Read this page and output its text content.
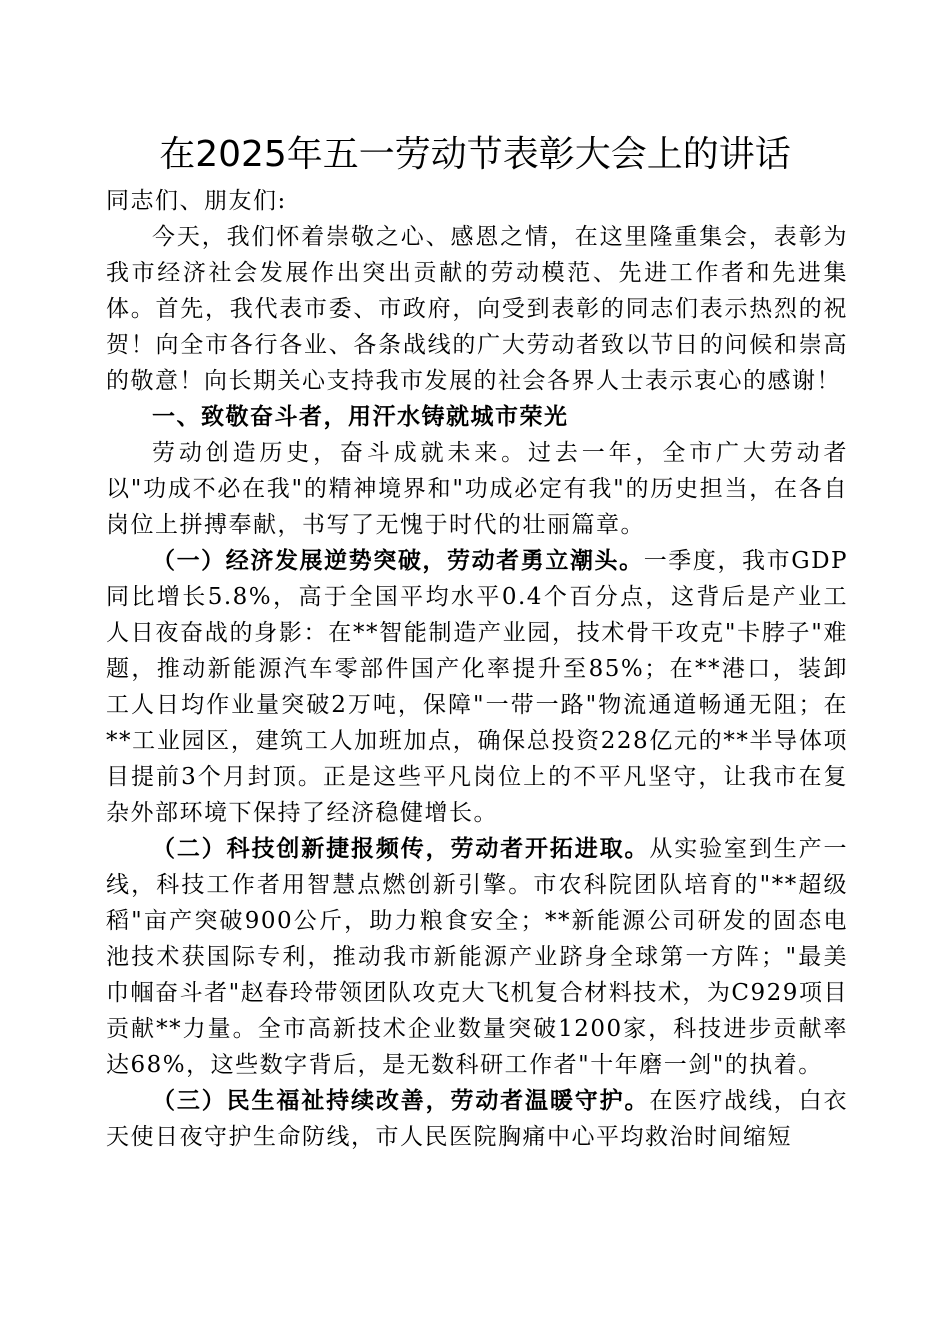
在2025年五一劳动节表彰大会上的讲话

同志们、朋友们:

今天，我们怀着崇敬之心、感恩之情，在这里隆重集会，表彰为我市经济社会发展作出突出贡献的劳动模范、先进工作者和先进集体。首先，我代表市委、市政府，向受到表彰的同志们表示热烈的祝贺！向全市各行各业、各条战线的广大劳动者致以节日的问候和崇高的敬意！向长期关心支持我市发展的社会各界人士表示衷心的感谢！

一、致敬奋斗者，用汗水铸就城市荣光

劳动创造历史，奋斗成就未来。过去一年，全市广大劳动者以"功成不必在我"的精神境界和"功成必定有我"的历史担当，在各自岗位上拼搏奉献，书写了无愧于时代的壮丽篇章。

（一）经济发展逆势突破，劳动者勇立潮头。一季度，我市GDP同比增长5.8%，高于全国平均水平0.4个百分点，这背后是产业工人日夜奋战的身影：在**智能制造产业园，技术骨干攻克"卡脖子"难题，推动新能源汽车零部件国产化率提升至85%；在**港口，装卸工人日均作业量突破2万吨，保障"一带一路"物流通道畅通无阻；在**工业园区，建筑工人加班加点，确保总投资228亿元的**半导体项目提前3个月封顶。正是这些平凡岗位上的不平凡坚守，让我市在复杂外部环境下保持了经济稳健增长。

（二）科技创新捷报频传，劳动者开拓进取。从实验室到生产一线，科技工作者用智慧点燃创新引擎。市农科院团队培育的"**超级稻"亩产突破900公斤，助力粮食安全；**新能源公司研发的固态电池技术获国际专利，推动我市新能源产业跻身全球第一方阵；"最美巾帼奋斗者"赵春玲带领团队攻克大飞机复合材料技术，为C929项目贡献**力量。全市高新技术企业数量突破1200家，科技进步贡献率达68%，这些数字背后，是无数科研工作者"十年磨一剑"的执着。

（三）民生福祉持续改善，劳动者温暖守护。在医疗战线，白衣天使日夜守护生命防线，市人民医院胸痛中心平均救治时间缩短
